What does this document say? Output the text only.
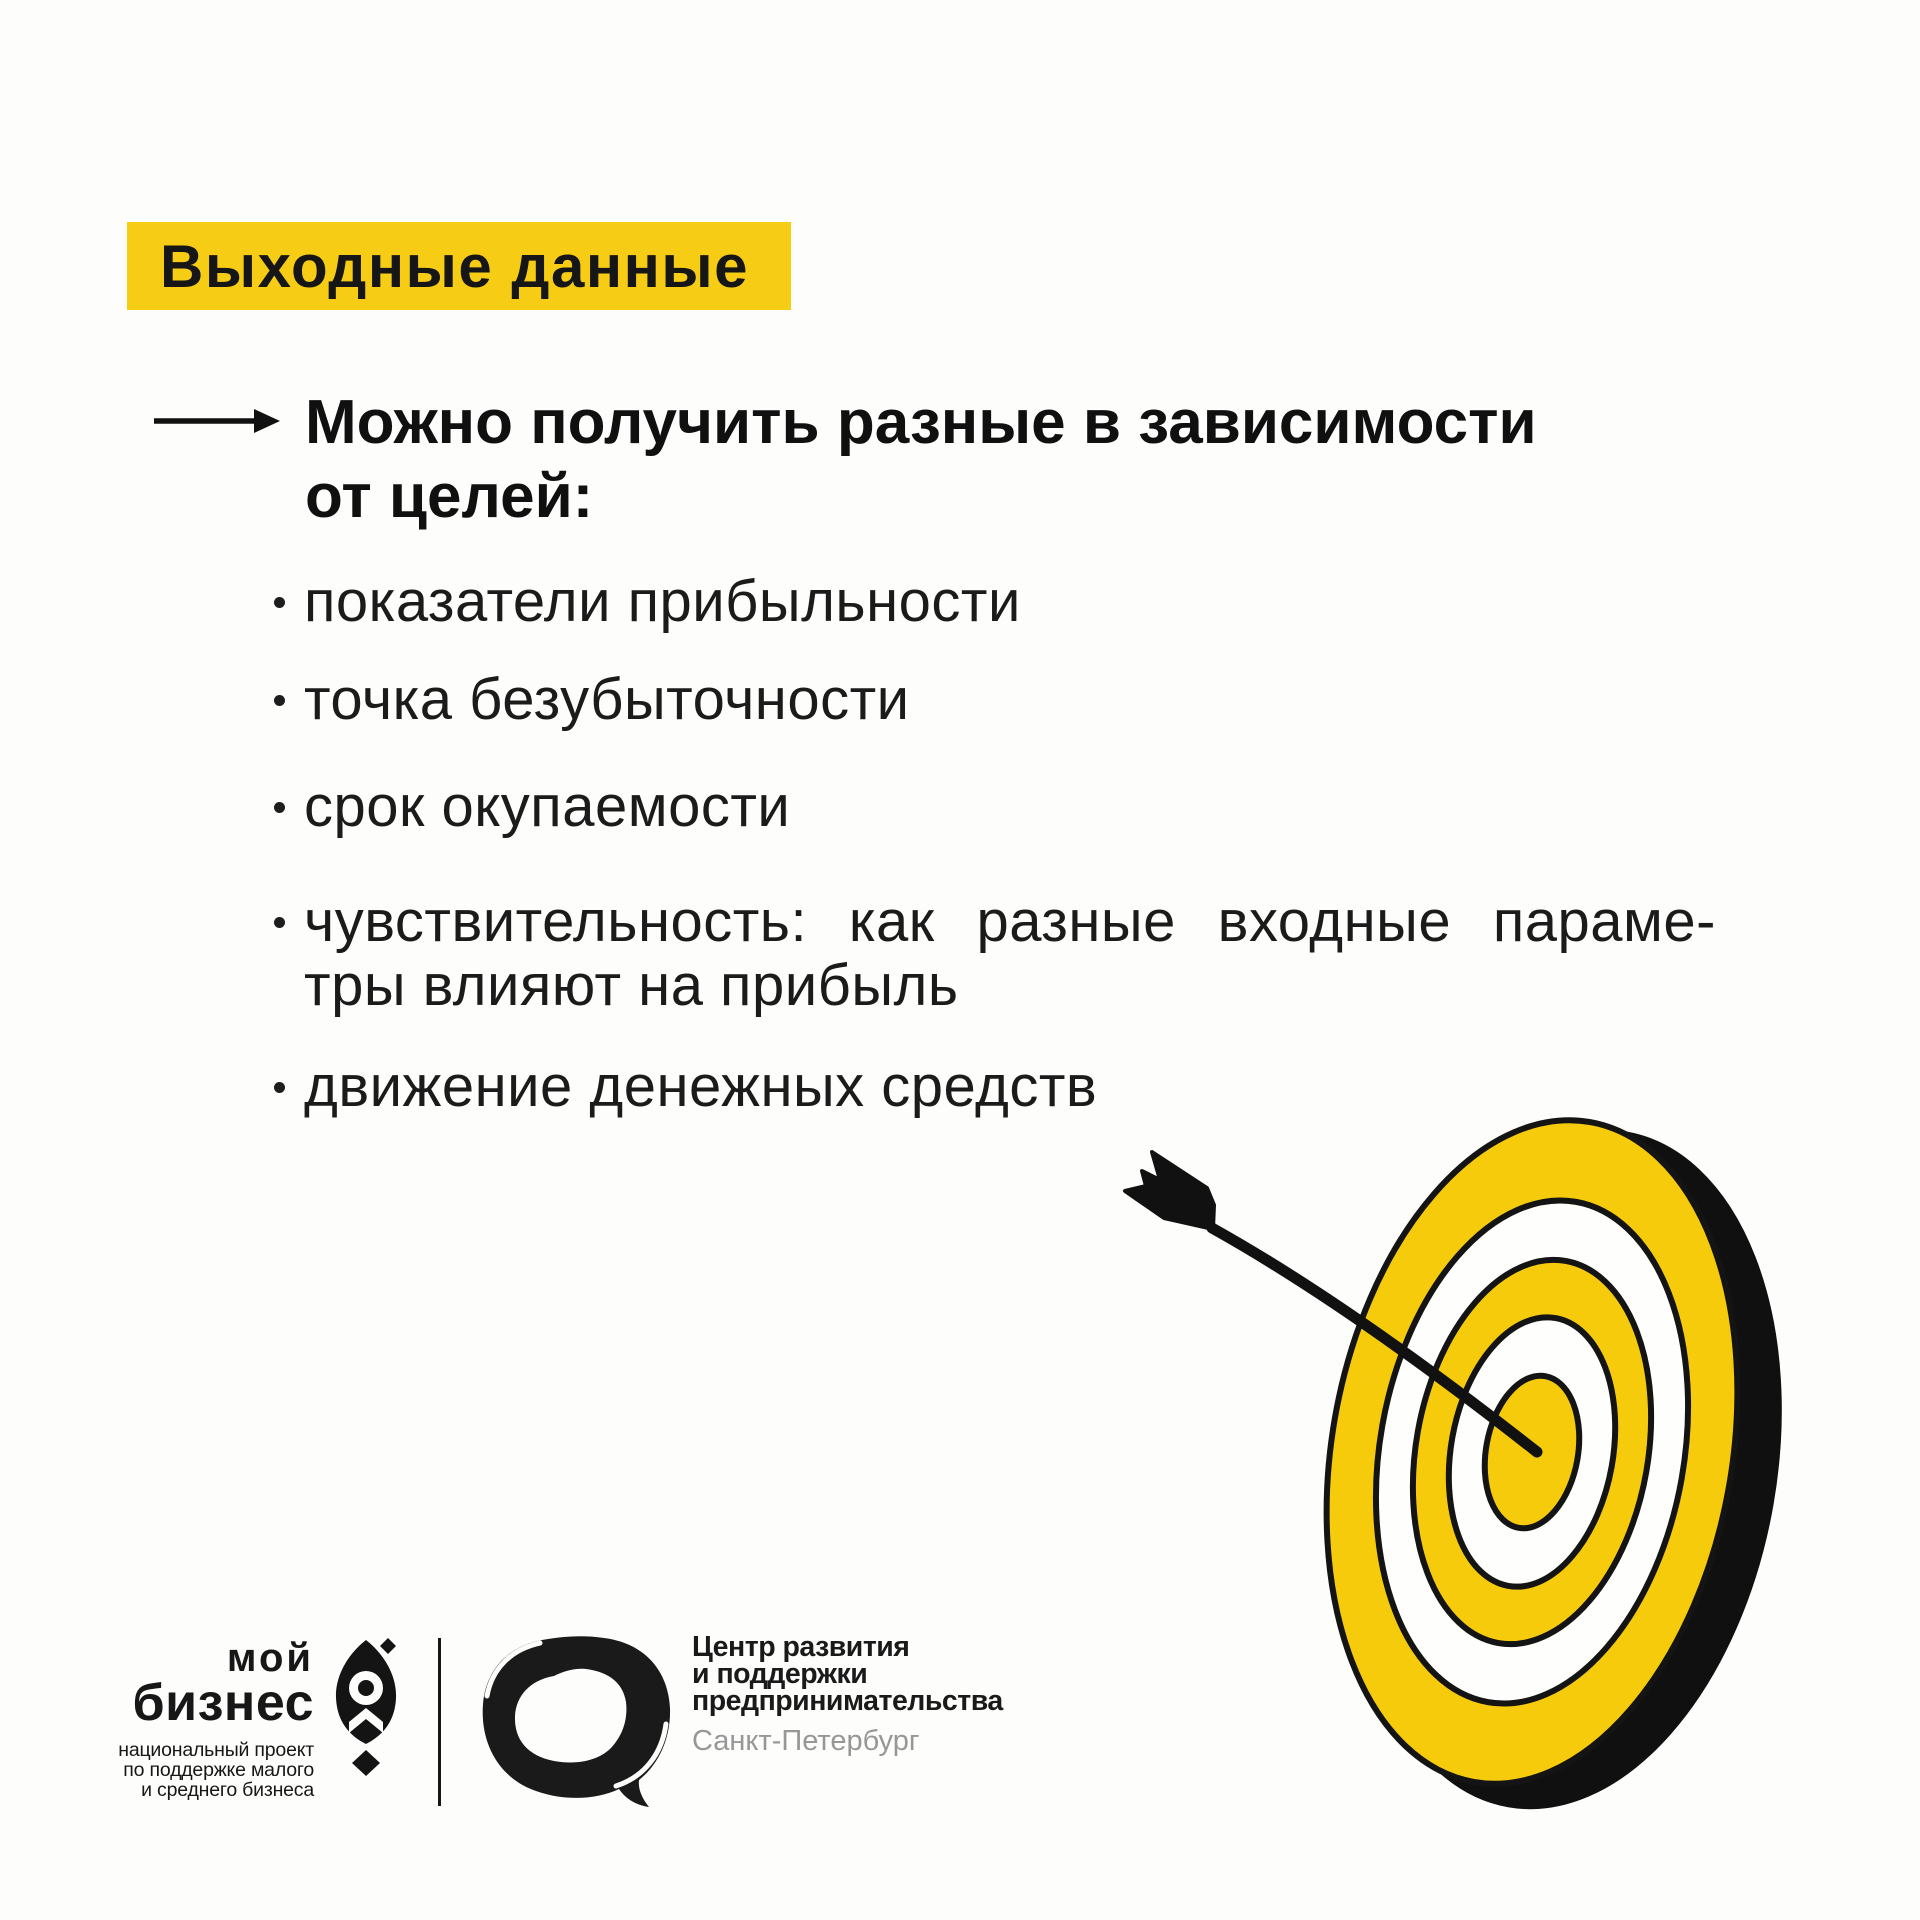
Выходные данные
Можно получить разные в зависимости
от целей:
показатели прибыльности
точка безубыточности
срок окупаемости
чувствительность: как разные входные параме-
тры влияют на прибыль
движение денежных средств
мой
бизнес
национальный проект
по поддержке малого
и среднего бизнеса
Центр развития
и поддержки
предпринимательства
Санкт-Петербург
